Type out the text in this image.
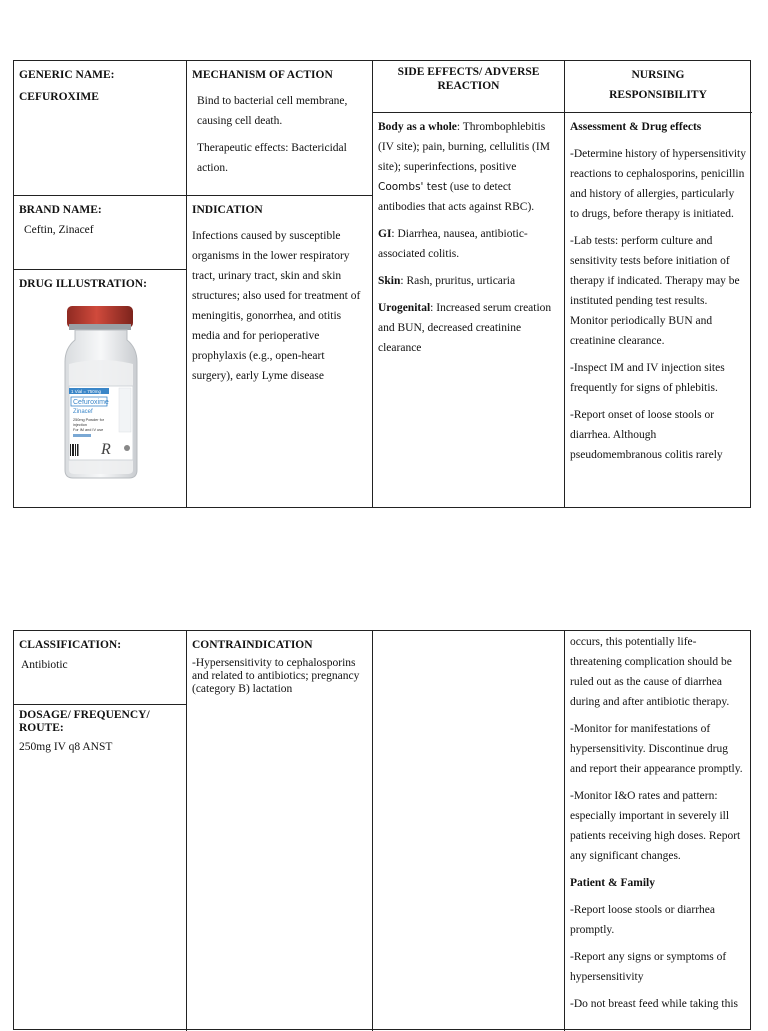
GENERIC NAME:
CEFUROXIME
BRAND NAME:
Ceftin, Zinacef
DRUG ILLUSTRATION:
1 Vial = 750mg
Cefuroxime
Zinacef
250mg Powder for
injection
For IM and IV use
R
MECHANISM OF ACTION

Bind to bacterial cell membrane, causing cell death.

Therapeutic effects: Bactericidal action.

INDICATION
Infections caused by susceptible organisms in the lower respiratory tract, urinary tract, skin and skin structures; also used for treatment of meningitis, gonorrhea, and otitis media and for perioperative prophylaxis (e.g., open-heart surgery), early Lyme disease
SIDE EFFECTS/ ADVERSE REACTION

Body as a whole: Thrombophlebitis (IV site); pain, burning, cellulitis (IM site); superinfections, positive Coombs' test (use to detect antibodies that acts against RBC).

GI: Diarrhea, nausea, antibiotic-associated colitis.

Skin: Rash, pruritus, urticaria

Urogenital: Increased serum creation and BUN, decreased creatinine clearance

NURSING
RESPONSIBILITY

Assessment & Drug effects

-Determine history of hypersensitivity reactions to cephalosporins, penicillin and history of allergies, particularly to drugs, before therapy is initiated.

-Lab tests: perform culture and sensitivity tests before initiation of therapy if indicated. Therapy may be instituted pending test results. Monitor periodically BUN and creatinine clearance.

-Inspect IM and IV injection sites frequently for signs of phlebitis.

-Report onset of loose stools or diarrhea. Although pseudomembranous colitis rarely

CLASSIFICATION:
Antibiotic
DOSAGE/ FREQUENCY/ ROUTE:
250mg IV q8 ANST
CONTRAINDICATION
-Hypersensitivity to cephalosporins and related to antibiotics; pregnancy (category B) lactation

occurs, this potentially life-threatening complication should be ruled out as the cause of diarrhea during and after antibiotic therapy.

-Monitor for manifestations of hypersensitivity. Discontinue drug and report their appearance promptly.

-Monitor I&O rates and pattern: especially important in severely ill patients receiving high doses. Report any significant changes.

Patient & Family

-Report loose stools or diarrhea promptly.

-Report any signs or symptoms of hypersensitivity

-Do not breast feed while taking this
